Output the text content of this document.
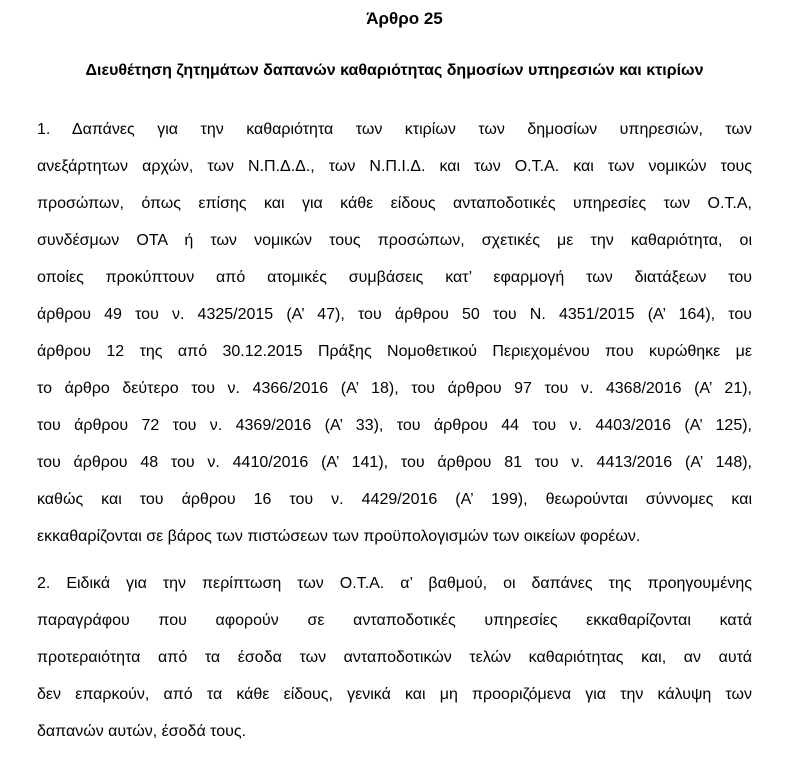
Άρθρο 25
Διευθέτηση ζητημάτων δαπανών καθαριότητας δημοσίων υπηρεσιών και κτιρίων
1. Δαπάνες για την καθαριότητα των κτιρίων των δημοσίων υπηρεσιών, των
ανεξάρτητων αρχών, των Ν.Π.Δ.Δ., των Ν.Π.Ι.Δ. και των Ο.Τ.Α. και των νομικών τους
προσώπων, όπως επίσης και για κάθε είδους ανταποδοτικές υπηρεσίες των Ο.Τ.Α,
συνδέσμων ΟΤΑ ή των νομικών τους προσώπων, σχετικές με την καθαριότητα, οι
οποίες προκύπτουν από ατομικές συμβάσεις κατ’ εφαρμογή των διατάξεων του
άρθρου 49 του ν. 4325/2015 (Α’ 47), του άρθρου 50 του Ν. 4351/2015 (Α’ 164), του
άρθρου 12 της από 30.12.2015 Πράξης Νομοθετικού Περιεχομένου που κυρώθηκε με
το άρθρο δεύτερο του ν. 4366/2016 (Α’ 18), του άρθρου 97 του ν. 4368/2016 (Α’ 21),
του άρθρου 72 του ν. 4369/2016 (Α’ 33), του άρθρου 44 του ν. 4403/2016 (Α’ 125),
του άρθρου 48 του ν. 4410/2016 (Α’ 141), του άρθρου 81 του ν. 4413/2016 (Α’ 148),
καθώς και του άρθρου 16 του ν. 4429/2016 (Α’ 199), θεωρούνται σύννομες και
εκκαθαρίζονται σε βάρος των πιστώσεων των προϋπολογισμών των οικείων φορέων.
2. Ειδικά για την περίπτωση των Ο.Τ.Α. α’ βαθμού, οι δαπάνες της προηγουμένης
παραγράφου που αφορούν σε ανταποδοτικές υπηρεσίες εκκαθαρίζονται κατά
προτεραιότητα από τα έσοδα των ανταποδοτικών τελών καθαριότητας και, αν αυτά
δεν επαρκούν, από τα κάθε είδους, γενικά και μη προοριζόμενα για την κάλυψη των
δαπανών αυτών, έσοδά τους.
